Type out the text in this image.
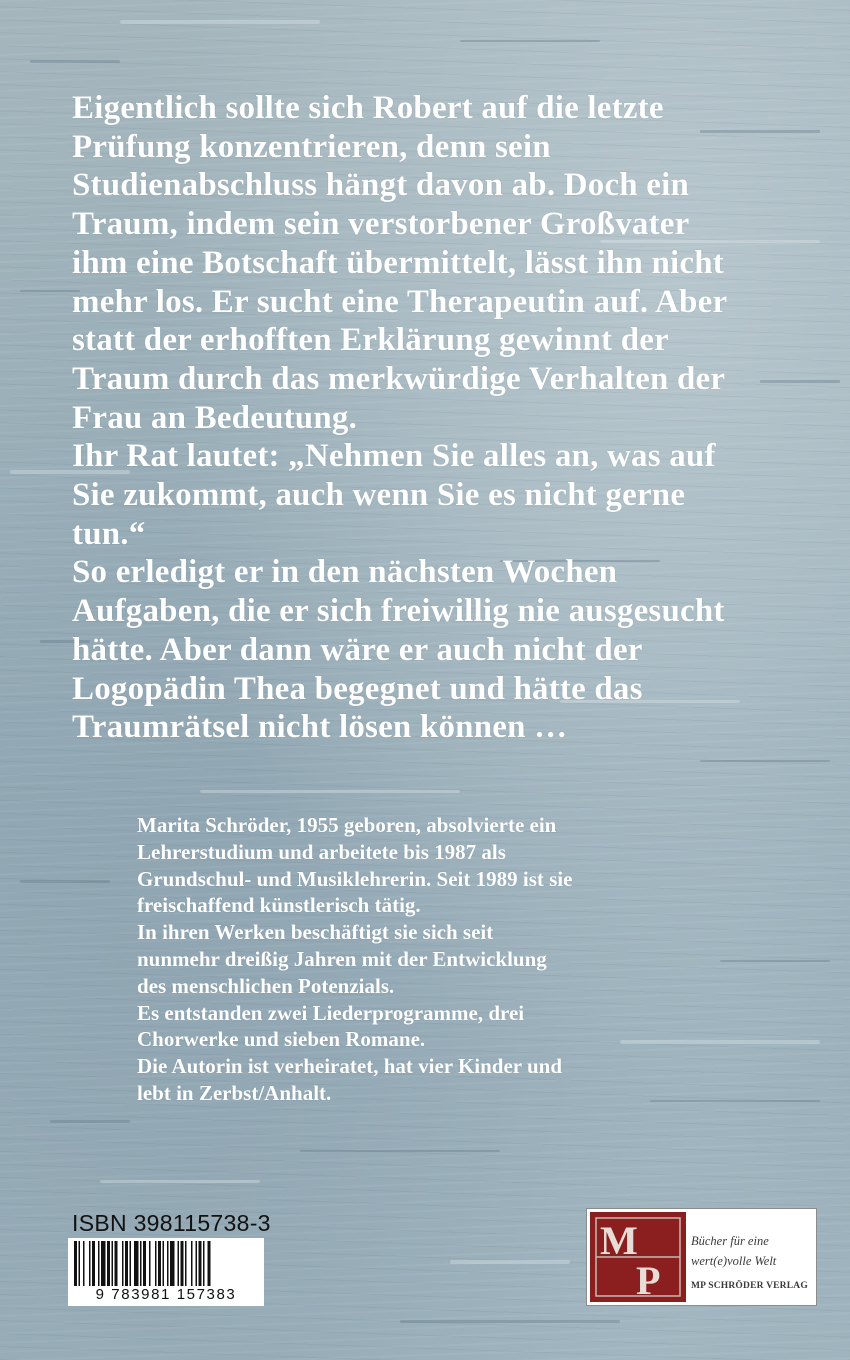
Eigentlich sollte sich Robert auf die letzte

Prüfung konzentrieren, denn sein

Studienabschluss hängt davon ab. Doch ein

Traum, indem sein verstorbener Großvater

ihm eine Botschaft übermittelt, lässt ihn nicht

mehr los. Er sucht eine Therapeutin auf. Aber

statt der erhofften Erklärung gewinnt der

Traum durch das merkwürdige Verhalten der

Frau an Bedeutung.

Ihr Rat lautet: „Nehmen Sie alles an, was auf

Sie zukommt, auch wenn Sie es nicht gerne

tun.“

So erledigt er in den nächsten Wochen

Aufgaben, die er sich freiwillig nie ausgesucht

hätte. Aber dann wäre er auch nicht der

Logopädin Thea begegnet und hätte das

Traumrätsel nicht lösen können …

Marita Schröder, 1955 geboren, absolvierte ein

Lehrerstudium und arbeitete bis 1987 als

Grundschul- und Musiklehrerin. Seit 1989 ist sie

freischaffend künstlerisch tätig.

In ihren Werken beschäftigt sie sich seit

nunmehr dreißig Jahren mit der Entwicklung

des menschlichen Potenzials.

Es entstanden zwei Liederprogramme, drei

Chorwerke und sieben Romane.

Die Autorin ist verheiratet, hat vier Kinder und

lebt in Zerbst/Anhalt.

ISBN 398115738-3
9 783981 157383
M
P
Bücher für eine
wert(e)volle Welt
MP SCHRÖDER VERLAG
